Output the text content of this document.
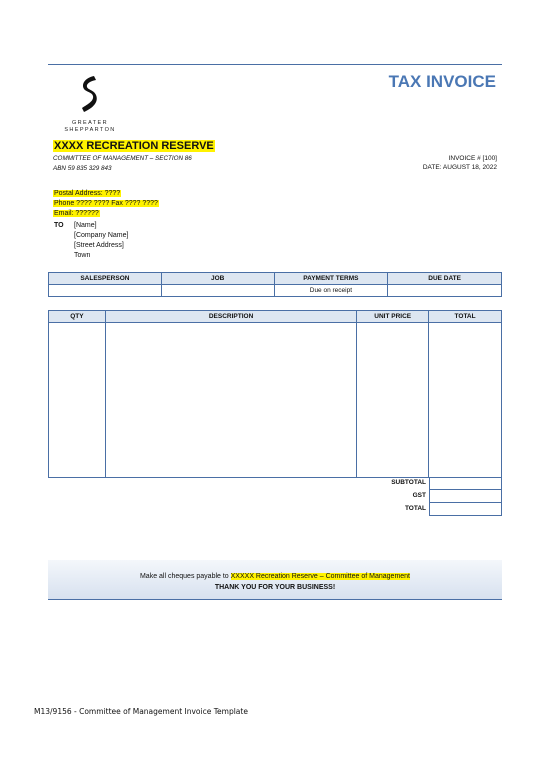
GREATER
SHEPPARTON
TAX INVOICE
XXXX RECREATION RESERVE
COMMITTEE OF MANAGEMENT – SECTION 86
ABN 59 835 329 843
INVOICE # [100]
DATE: AUGUST 18, 2022
Postal Address: ????
Phone ???? ???? Fax ???? ????
Email: ??????
TO [Name]
[Company Name]
[Street Address]
Town
SALESPERSON	JOB	PAYMENT TERMS	DUE DATE
		Due on receipt	
QTY	DESCRIPTION	UNIT PRICE	TOTAL

SUBTOTAL
GST
TOTAL
Make all cheques payable to XXXXX Recreation Reserve – Committee of Management
THANK YOU FOR YOUR BUSINESS!
M13/9156 - Committee of Management Invoice Template
